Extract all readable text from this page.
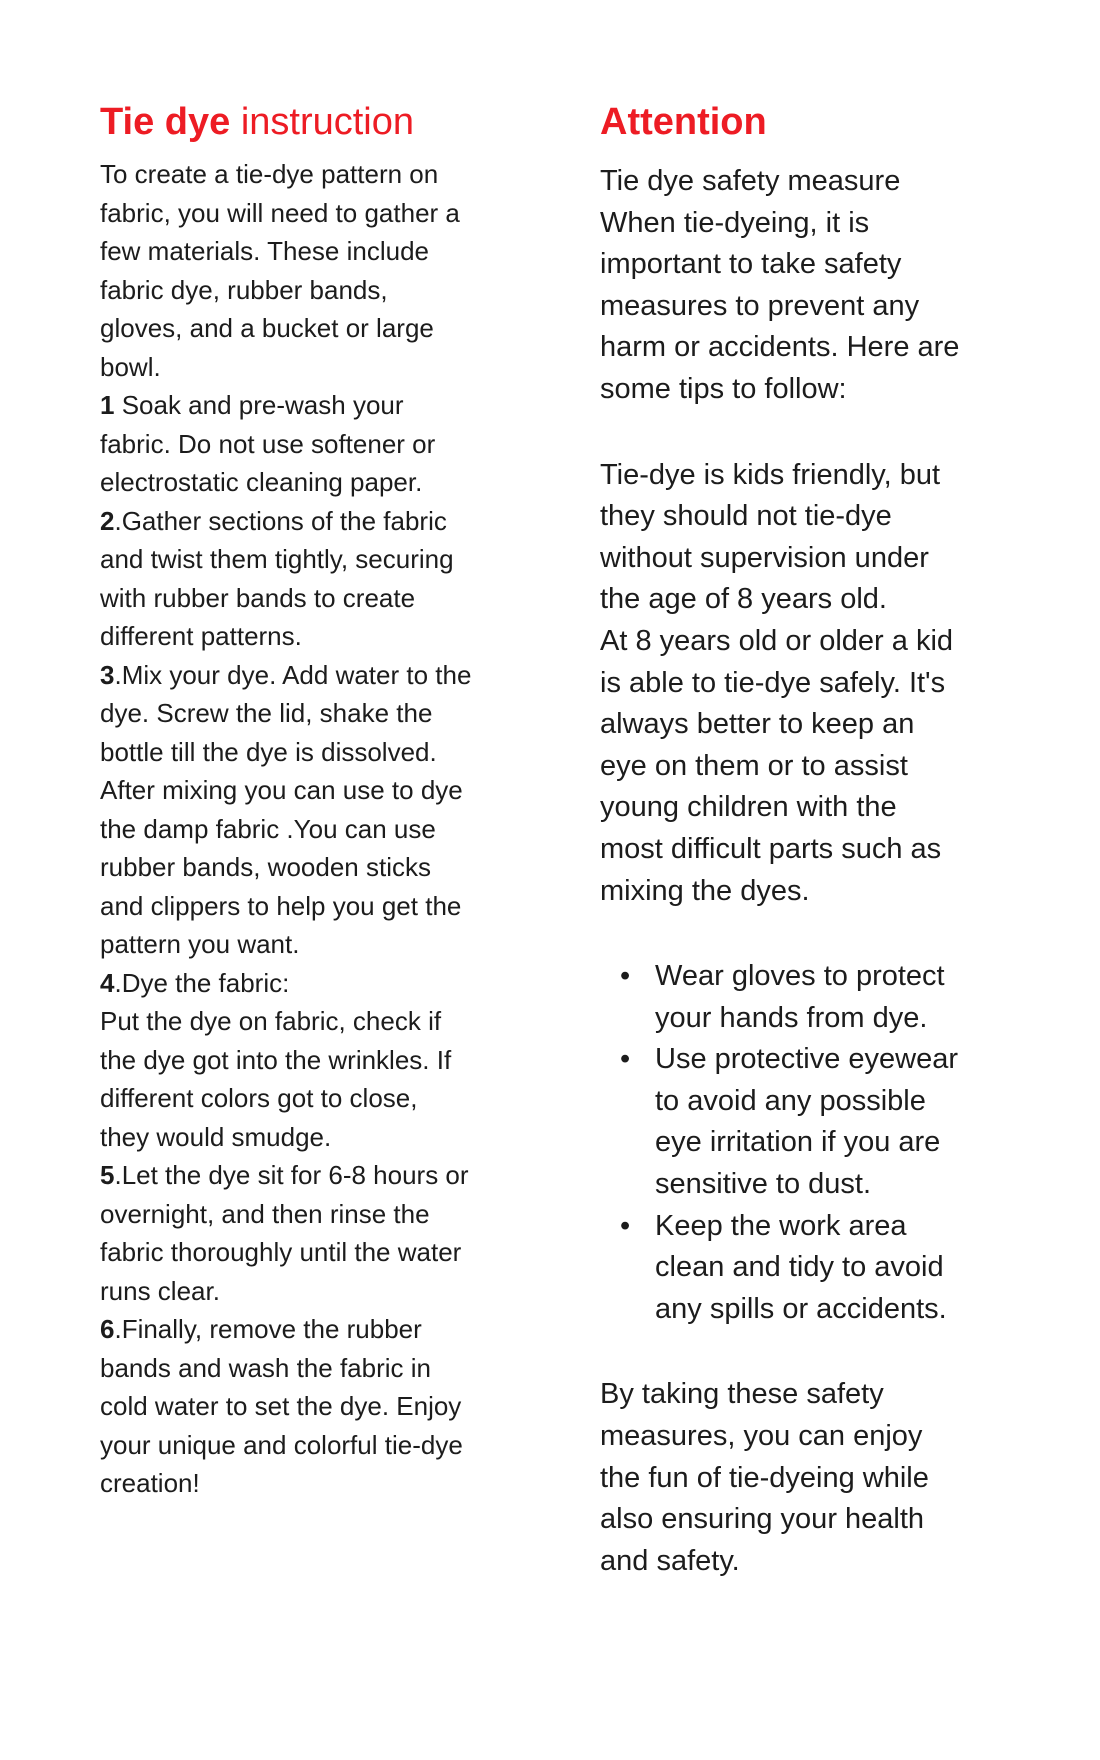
Tie dye instruction
To create a tie-dye pattern on
fabric, you will need to gather a
few materials. These include
fabric dye, rubber bands,
gloves, and a bucket or large
bowl.
1 Soak and pre-wash your
fabric. Do not use softener or
electrostatic cleaning paper.
2.Gather sections of the fabric
and twist them tightly, securing
with rubber bands to create
different patterns.
3.Mix your dye. Add water to the
dye. Screw the lid, shake the
bottle till the dye is dissolved.
After mixing you can use to dye
the damp fabric .You can use
rubber bands, wooden sticks
and clippers to help you get the
pattern you want.
4.Dye the fabric:
Put the dye on fabric, check if
the dye got into the wrinkles. If
different colors got to close,
they would smudge.
5.Let the dye sit for 6-8 hours or
overnight, and then rinse the
fabric thoroughly until the water
runs clear.
6.Finally, remove the rubber
bands and wash the fabric in
cold water to set the dye. Enjoy
your unique and colorful tie-dye
creation!
Attention
Tie dye safety measure
When tie-dyeing, it is
important to take safety
measures to prevent any
harm or accidents. Here are
some tips to follow:
Tie-dye is kids friendly, but
they should not tie-dye
without supervision under
the age of 8 years old.
At 8 years old or older a kid
is able to tie-dye safely. It's
always better to keep an
eye on them or to assist
young children with the
most difficult parts such as
mixing the dyes.
• Wear gloves to protect
your hands from dye.
• Use protective eyewear
to avoid any possible
eye irritation if you are
sensitive to dust.
• Keep the work area
clean and tidy to avoid
any spills or accidents.
By taking these safety
measures, you can enjoy
the fun of tie-dyeing while
also ensuring your health
and safety.
